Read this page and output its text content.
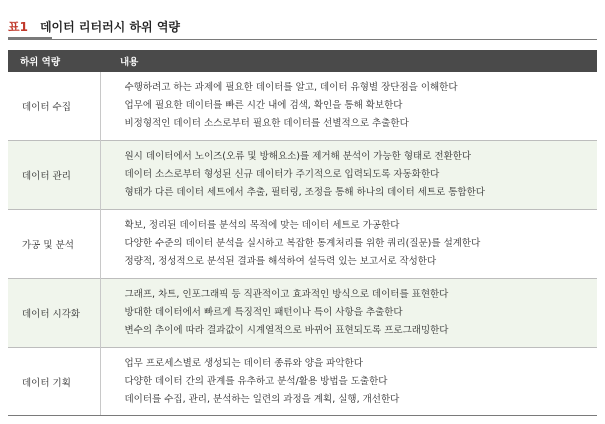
표1 데이터 리터러시 하위 역량
하위 역량	내용
데이터 수집	수행하려고 하는 과제에 필요한 데이터를 알고, 데이터 유형별 장단점을 이해한다
업무에 필요한 데이터를 빠른 시간 내에 검색, 확인을 통해 확보한다
비정형적인 데이터 소스로부터 필요한 데이터를 선별적으로 추출한다

데이터 관리	원시 데이터에서 노이즈(오류 및 방해요소)를 제거해 분석이 가능한 형태로 전환한다
데이터 소스로부터 형성된 신규 데이터가 주기적으로 입력되도록 자동화한다
형태가 다른 데이터 세트에서 추출, 필터링, 조정을 통해 하나의 데이터 세트로 통합한다

가공 및 분석	확보, 정리된 데이터를 분석의 목적에 맞는 데이터 세트로 가공한다
다양한 수준의 데이터 분석을 실시하고 복잡한 통계처리를 위한 쿼리(질문)를 설계한다
정량적, 정성적으로 분석된 결과를 해석하여 설득력 있는 보고서로 작성한다

데이터 시각화	그래프, 차트, 인포그래픽 등 직관적이고 효과적인 방식으로 데이터를 표현한다
방대한 데이터에서 빠르게 특징적인 패턴이나 특이 사항을 추출한다
변수의 추이에 따라 결과값이 시계열적으로 바뀌어 표현되도록 프로그래밍한다

데이터 기획	업무 프로세스별로 생성되는 데이터 종류와 양을 파악한다
다양한 데이터 간의 관계를 유추하고 분석/활용 방법을 도출한다
데이터를 수집, 관리, 분석하는 일련의 과정을 계획, 실행, 개선한다
